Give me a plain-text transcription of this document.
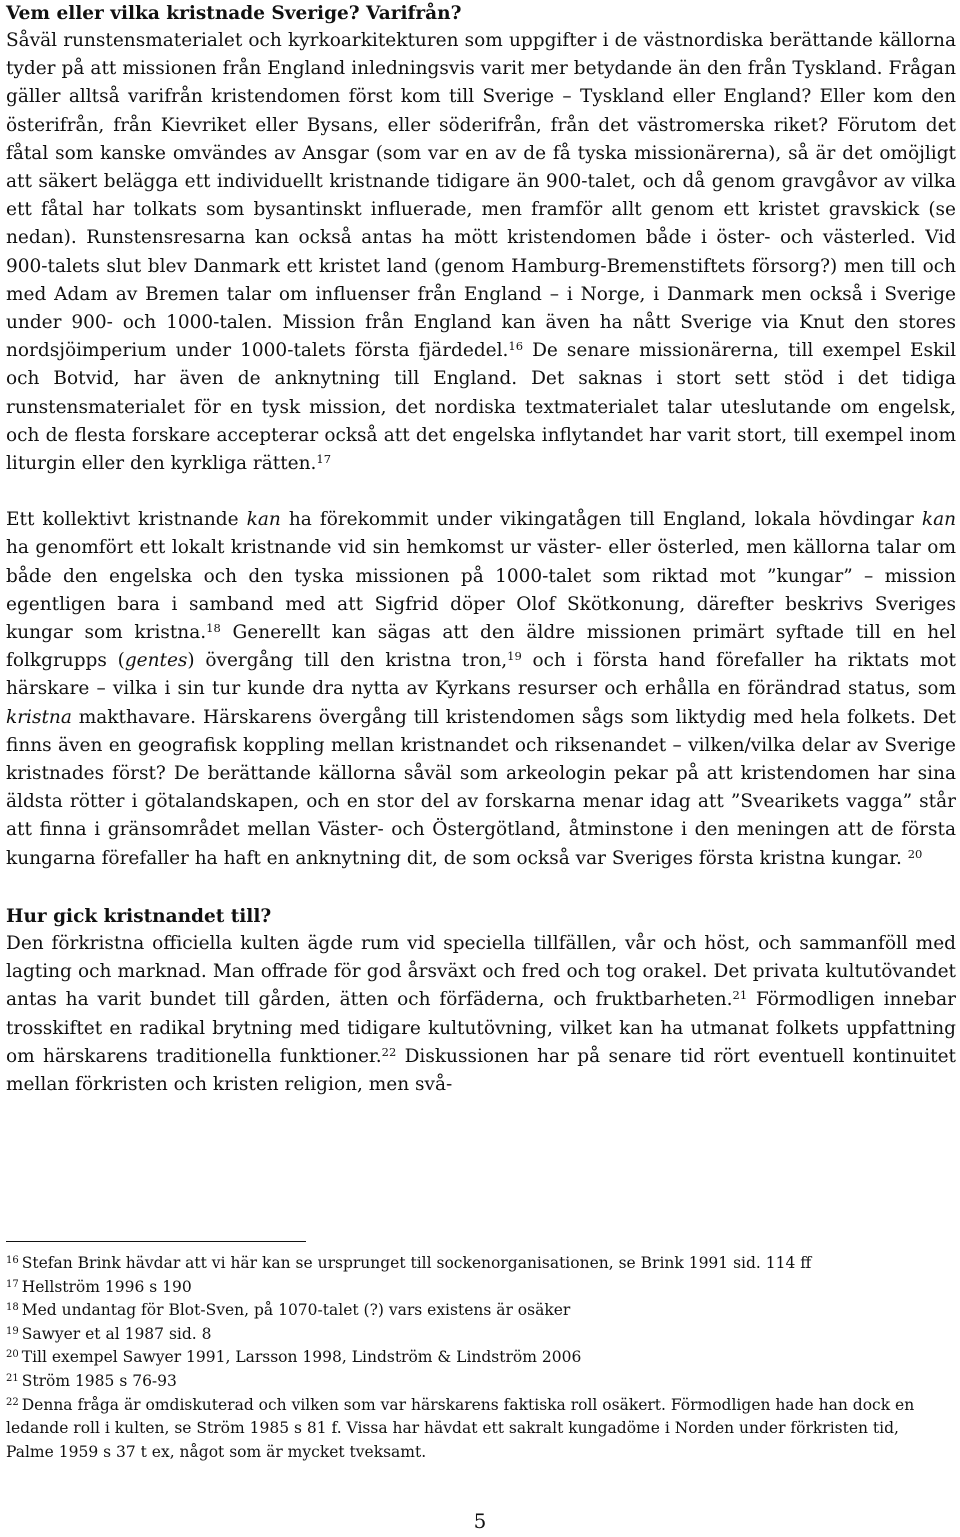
Vem eller vilka kristnade Sverige? Varifrån?

Såväl runstensmaterialet och kyrkoarkitekturen som uppgifter i de västnordiska berättande källorna tyder på att missionen från England inledningsvis varit mer betydande än den från Tyskland. Frågan gäller alltså varifrån kristendomen först kom till Sverige – Tyskland eller England? Eller kom den österifrån, från Kievriket eller Bysans, eller söderifrån, från det västromerska riket? Förutom det fåtal som kanske omvändes av Ansgar (som var en av de få tyska missionärerna), så är det omöjligt att säkert belägga ett individuellt kristnande tidigare än 900-talet, och då genom gravgåvor av vilka ett fåtal har tolkats som bysantinskt influerade, men framför allt genom ett kristet gravskick (se nedan). Runstensresarna kan också antas ha mött kristendomen både i öster- och västerled. Vid 900-talets slut blev Danmark ett kristet land (genom Hamburg-Bremenstiftets försorg?) men till och med Adam av Bremen talar om influenser från England – i Norge, i Danmark men också i Sverige under 900- och 1000-talen. Mission från England kan även ha nått Sverige via Knut den stores nordsjöimperium under 1000-talets första fjärdedel.$^{16}$ De senare missionärerna, till exempel Eskil och Botvid, har även de anknytning till England. Det saknas i stort sett stöd i det tidiga runstensmaterialet för en tysk mission, det nordiska textmaterialet talar uteslutande om engelsk, och de flesta forskare accepterar också att det engelska inflytandet har varit stort, till exempel inom liturgin eller den kyrkliga rätten.$^{17}$

Ett kollektivt kristnande kan ha förekommit under vikingatågen till England, lokala hövdingar kan ha genomfört ett lokalt kristnande vid sin hemkomst ur väster- eller österled, men källorna talar om både den engelska och den tyska missionen på 1000-talet som riktad mot ”kungar” – mission egentligen bara i samband med att Sigfrid döper Olof Skötkonung, därefter beskrivs Sveriges kungar som kristna.$^{18}$ Generellt kan sägas att den äldre missionen primärt syftade till en hel folkgrupps (gentes) övergång till den kristna tron,$^{19}$ och i första hand förefaller ha riktats mot härskare – vilka i sin tur kunde dra nytta av Kyrkans resurser och erhålla en förändrad status, som kristna makthavare. Härskarens övergång till kristendomen sågs som liktydig med hela folkets. Det finns även en geografisk koppling mellan kristnandet och riksenandet – vilken/vilka delar av Sverige kristnades först? De berättande källorna såväl som arkeologin pekar på att kristendomen har sina äldsta rötter i götalandskapen, och en stor del av forskarna menar idag att ”Svearikets vagga” står att finna i gränsområdet mellan Väster- och Östergötland, åtminstone i den meningen att de första kungarna förefaller ha haft en anknytning dit, de som också var Sveriges första kristna kungar. $^{20}$

Hur gick kristnandet till?

Den förkristna officiella kulten ägde rum vid speciella tillfällen, vår och höst, och sammanföll med lagting och marknad. Man offrade för god årsväxt och fred och tog orakel. Det privata kultutövandet antas ha varit bundet till gården, ätten och förfäderna, och fruktbarheten.$^{21}$ Förmodligen innebar trosskiftet en radikal brytning med tidigare kultutövning, vilket kan ha utmanat folkets uppfattning om härskarens traditionella funktioner.$^{22}$ Diskussionen har på senare tid rört eventuell kontinuitet mellan förkristen och kristen religion, men svå-

$^{16}$ Stefan Brink hävdar att vi här kan se ursprunget till sockenorganisationen, se Brink 1991 sid. 114 ff

$^{17}$ Hellström 1996 s 190

$^{18}$ Med undantag för Blot-Sven, på 1070-talet (?) vars existens är osäker

$^{19}$ Sawyer et al 1987 sid. 8

$^{20}$ Till exempel Sawyer 1991, Larsson 1998, Lindström & Lindström 2006

$^{21}$ Ström 1985 s 76-93

$^{22}$ Denna fråga är omdiskuterad och vilken som var härskarens faktiska roll osäkert. Förmodligen hade han dock en ledande roll i kulten, se Ström 1985 s 81 f. Vissa har hävdat ett sakralt kungadöme i Norden under förkristen tid, Palme 1959 s 37 t ex, något som är mycket tveksamt.

5
